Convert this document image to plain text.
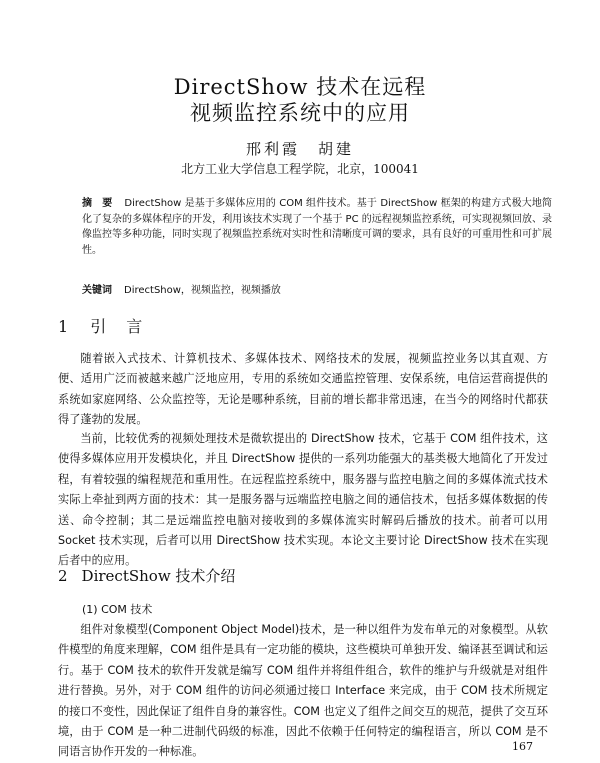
DirectShow 技术在远程
视频监控系统中的应用
邢利霞　胡建
北方工业大学信息工程学院，北京，100041
摘　要 DirectShow 是基于多媒体应用的 COM 组件技术。基于 DirectShow 框架的构建方式极大地简化了复杂的多媒体程序的开发，利用该技术实现了一个基于 PC 的远程视频监控系统，可实现视频回放、录像监控等多种功能，同时实现了视频监控系统对实时性和清晰度可调的要求，具有良好的可重用性和可扩展性。
关键词 DirectShow，视频监控，视频播放
1 引　言
随着嵌入式技术、计算机技术、多媒体技术、网络技术的发展，视频监控业务以其直观、方便、适用广泛而被越来越广泛地应用，专用的系统如交通监控管理、安保系统，电信运营商提供的系统如家庭网络、公众监控等，无论是哪种系统，目前的增长都非常迅速，在当今的网络时代都获得了蓬勃的发展。
当前，比较优秀的视频处理技术是微软提出的 DirectShow 技术，它基于 COM 组件技术，这使得多媒体应用开发模块化，并且 DirectShow 提供的一系列功能强大的基类极大地简化了开发过程，有着较强的编程规范和重用性。在远程监控系统中，服务器与监控电脑之间的多媒体流式技术实际上牵扯到两方面的技术：其一是服务器与远端监控电脑之间的通信技术，包括多媒体数据的传送、命令控制；其二是远端监控电脑对接收到的多媒体流实时解码后播放的技术。前者可以用 Socket 技术实现，后者可以用 DirectShow 技术实现。本论文主要讨论 DirectShow 技术在实现后者中的应用。
2 DirectShow 技术介绍
(1) COM 技术
组件对象模型(Component Object Model)技术，是一种以组件为发布单元的对象模型。从软件模型的角度来理解，COM 组件是具有一定功能的模块，这些模块可单独开发、编译甚至调试和运行。基于 COM 技术的软件开发就是编写 COM 组件并将组件组合，软件的维护与升级就是对组件进行替换。另外，对于 COM 组件的访问必须通过接口 Interface 来完成，由于 COM 技术所规定的接口不变性，因此保证了组件自身的兼容性。COM 也定义了组件之间交互的规范，提供了交互环境，由于 COM 是一种二进制代码级的标准，因此不依赖于任何特定的编程语言，所以 COM 是不同语言协作开发的一种标准。	167
